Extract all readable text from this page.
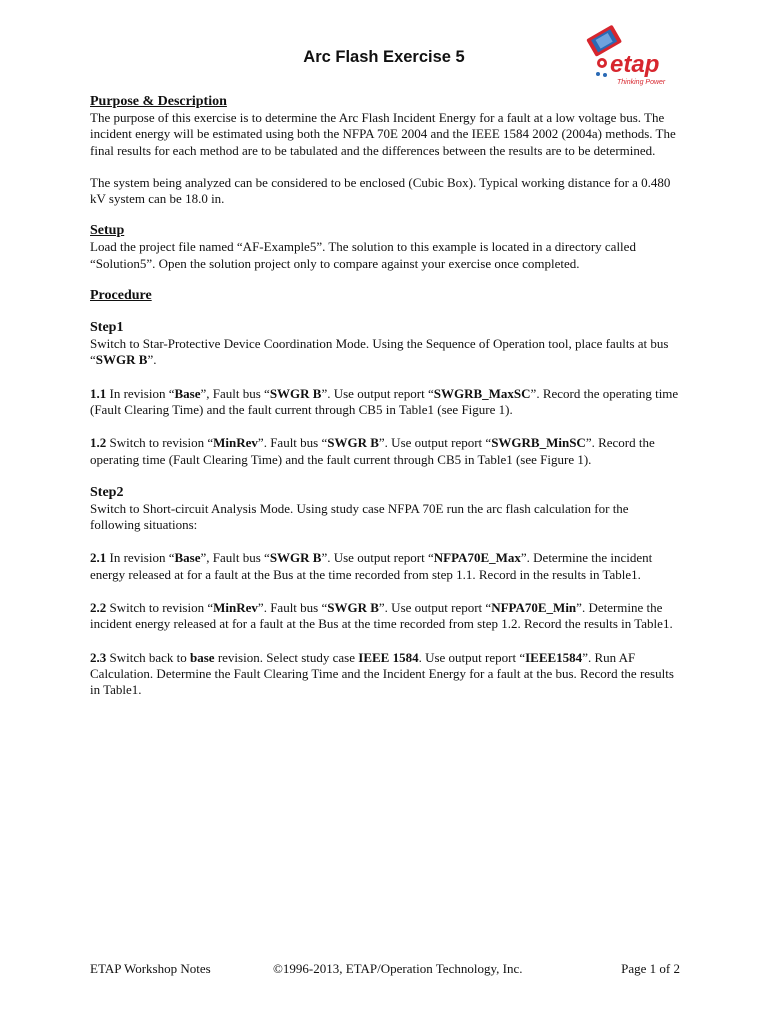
Arc Flash Exercise 5	etap
Thinking Power

Purpose & Description

The purpose of this exercise is to determine the Arc Flash Incident Energy for a fault at a low voltage bus. The incident energy will be estimated using both the NFPA 70E 2004 and the IEEE 1584 2002 (2004a) methods. The final results for each method are to be tabulated and the differences between the results are to be determined.

The system being analyzed can be considered to be enclosed (Cubic Box). Typical working distance for a 0.480 kV system can be 18.0 in.

Setup

Load the project file named “AF-Example5”. The solution to this example is located in a directory called “Solution5”. Open the solution project only to compare against your exercise once completed.

Procedure

Step1

Switch to Star-Protective Device Coordination Mode. Using the Sequence of Operation tool, place faults at bus “SWGR B”.

1.1 In revision “Base”, Fault bus “SWGR B”. Use output report “SWGRB_MaxSC”. Record the operating time (Fault Clearing Time) and the fault current through CB5 in Table1 (see Figure 1).

1.2 Switch to revision “MinRev”. Fault bus “SWGR B”. Use output report “SWGRB_MinSC”. Record the operating time (Fault Clearing Time) and the fault current through CB5 in Table1 (see Figure 1).

Step2

Switch to Short-circuit Analysis Mode. Using study case NFPA 70E run the arc flash calculation for the following situations:

2.1 In revision “Base”, Fault bus “SWGR B”. Use output report “NFPA70E_Max”. Determine the incident energy released at for a fault at the Bus at the time recorded from step 1.1. Record in the results in Table1.

2.2 Switch to revision “MinRev”. Fault bus “SWGR B”. Use output report “NFPA70E_Min”. Determine the incident energy released at for a fault at the Bus at the time recorded from step 1.2. Record the results in Table1.

2.3 Switch back to base revision. Select study case IEEE 1584. Use output report “IEEE1584”. Run AF Calculation. Determine the Fault Clearing Time and the Incident Energy for a fault at the bus. Record the results in Table1.

ETAP Workshop Notes	©1996-2013, ETAP/Operation Technology, Inc.	Page 1 of 2
